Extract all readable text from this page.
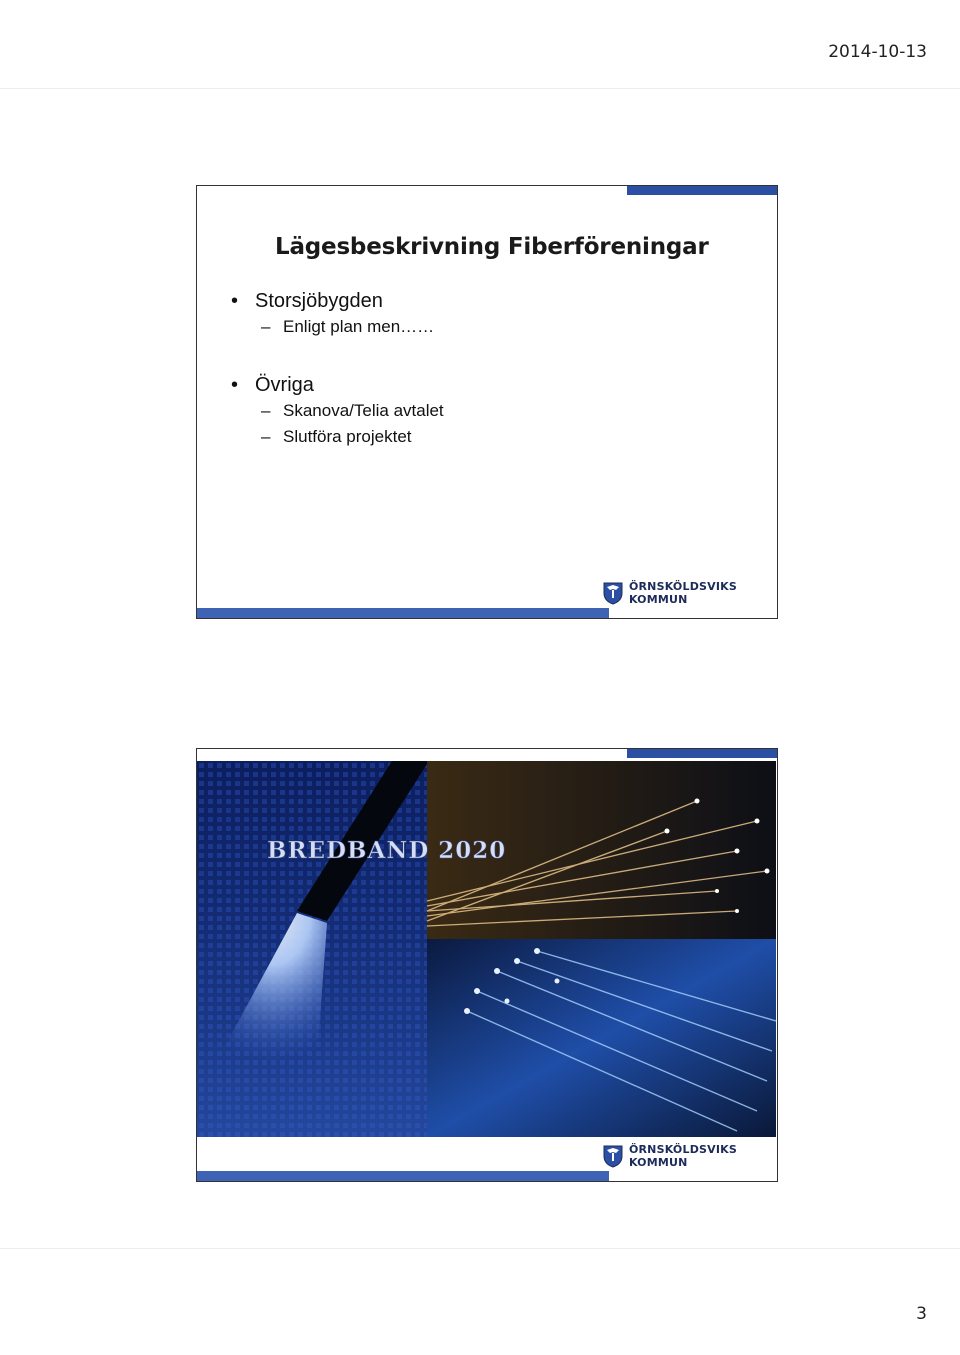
2014-10-13
Lägesbeskrivning Fiberföreningar
• Storsjöbygden
– Enligt plan men……
• Övriga
– Skanova/Telia avtalet
– Slutföra projektet
ÖRNSKÖLDSVIKS
KOMMUN
BREDBAND 2020
ÖRNSKÖLDSVIKS
KOMMUN
3
